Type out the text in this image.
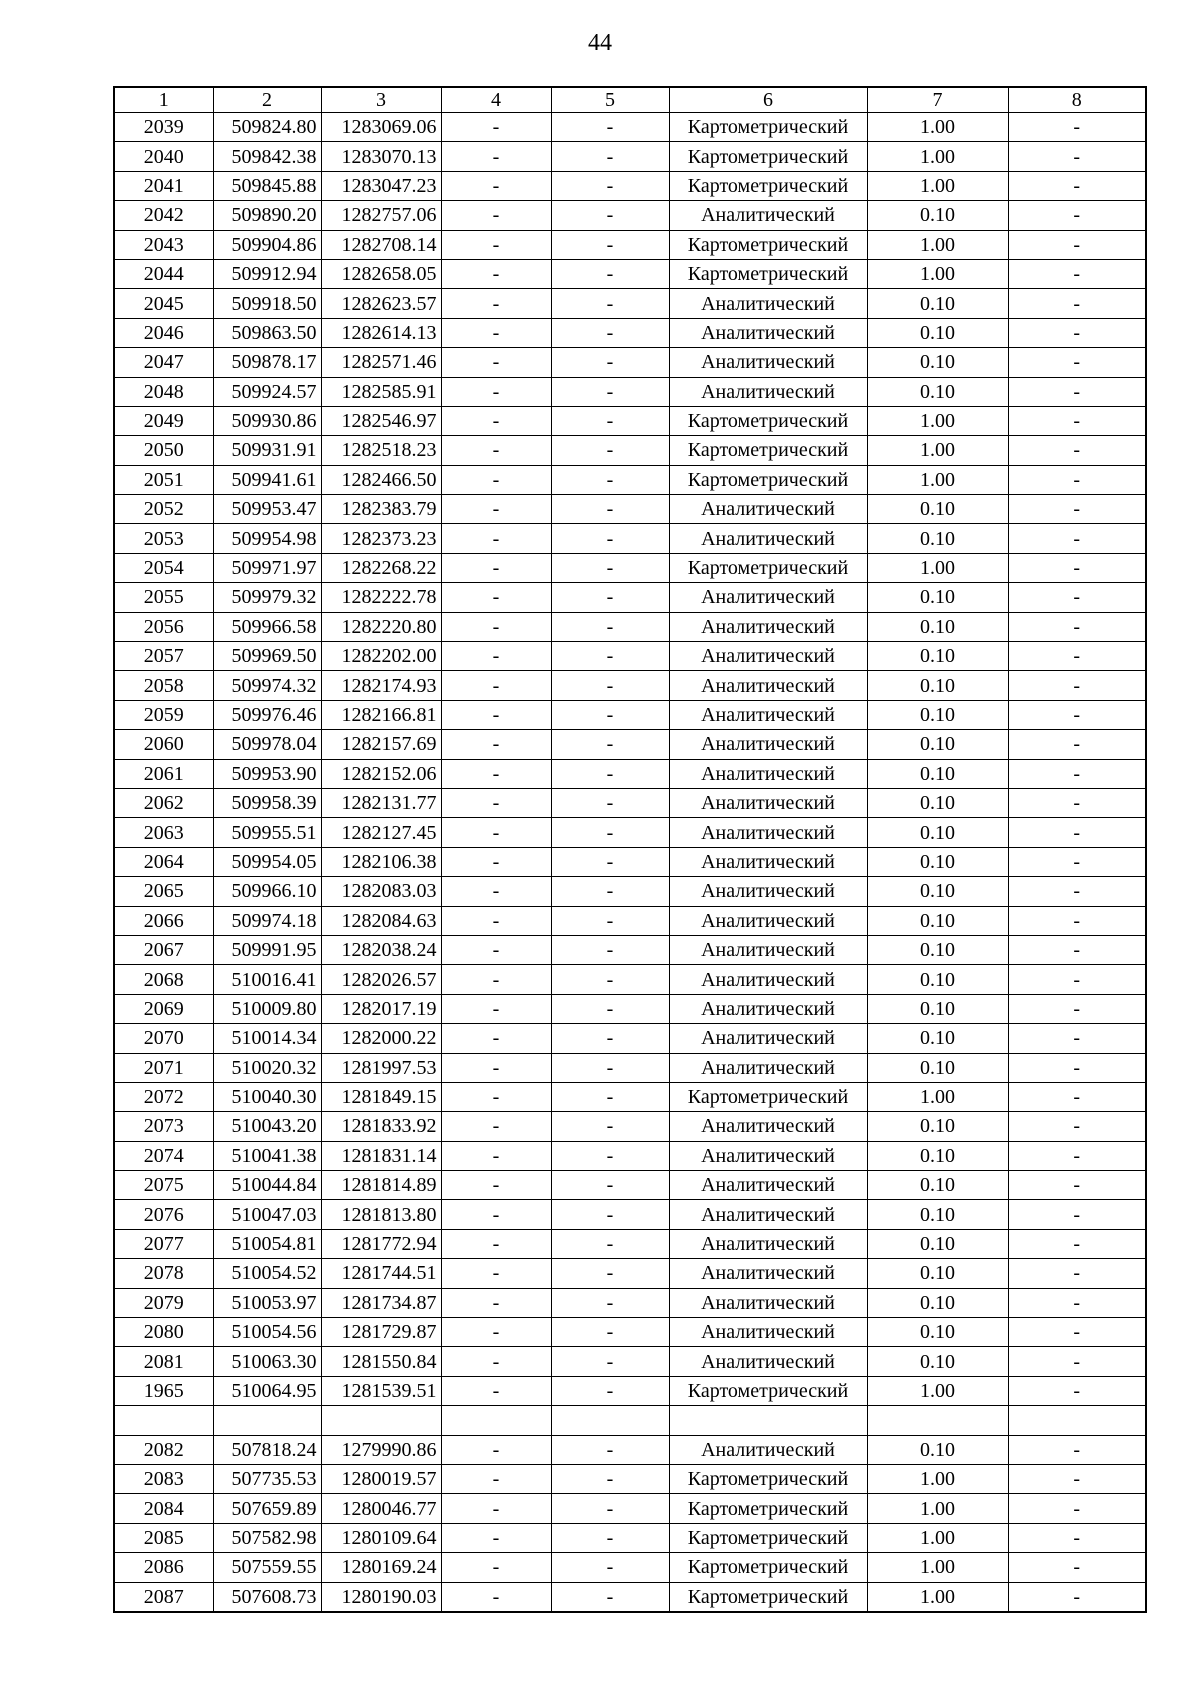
44
1	2	3	4	5	6	7	8
2039	509824.80	1283069.06	-	-	Картометрический	1.00	-
2040	509842.38	1283070.13	-	-	Картометрический	1.00	-
2041	509845.88	1283047.23	-	-	Картометрический	1.00	-
2042	509890.20	1282757.06	-	-	Аналитический	0.10	-
2043	509904.86	1282708.14	-	-	Картометрический	1.00	-
2044	509912.94	1282658.05	-	-	Картометрический	1.00	-
2045	509918.50	1282623.57	-	-	Аналитический	0.10	-
2046	509863.50	1282614.13	-	-	Аналитический	0.10	-
2047	509878.17	1282571.46	-	-	Аналитический	0.10	-
2048	509924.57	1282585.91	-	-	Аналитический	0.10	-
2049	509930.86	1282546.97	-	-	Картометрический	1.00	-
2050	509931.91	1282518.23	-	-	Картометрический	1.00	-
2051	509941.61	1282466.50	-	-	Картометрический	1.00	-
2052	509953.47	1282383.79	-	-	Аналитический	0.10	-
2053	509954.98	1282373.23	-	-	Аналитический	0.10	-
2054	509971.97	1282268.22	-	-	Картометрический	1.00	-
2055	509979.32	1282222.78	-	-	Аналитический	0.10	-
2056	509966.58	1282220.80	-	-	Аналитический	0.10	-
2057	509969.50	1282202.00	-	-	Аналитический	0.10	-
2058	509974.32	1282174.93	-	-	Аналитический	0.10	-
2059	509976.46	1282166.81	-	-	Аналитический	0.10	-
2060	509978.04	1282157.69	-	-	Аналитический	0.10	-
2061	509953.90	1282152.06	-	-	Аналитический	0.10	-
2062	509958.39	1282131.77	-	-	Аналитический	0.10	-
2063	509955.51	1282127.45	-	-	Аналитический	0.10	-
2064	509954.05	1282106.38	-	-	Аналитический	0.10	-
2065	509966.10	1282083.03	-	-	Аналитический	0.10	-
2066	509974.18	1282084.63	-	-	Аналитический	0.10	-
2067	509991.95	1282038.24	-	-	Аналитический	0.10	-
2068	510016.41	1282026.57	-	-	Аналитический	0.10	-
2069	510009.80	1282017.19	-	-	Аналитический	0.10	-
2070	510014.34	1282000.22	-	-	Аналитический	0.10	-
2071	510020.32	1281997.53	-	-	Аналитический	0.10	-
2072	510040.30	1281849.15	-	-	Картометрический	1.00	-
2073	510043.20	1281833.92	-	-	Аналитический	0.10	-
2074	510041.38	1281831.14	-	-	Аналитический	0.10	-
2075	510044.84	1281814.89	-	-	Аналитический	0.10	-
2076	510047.03	1281813.80	-	-	Аналитический	0.10	-
2077	510054.81	1281772.94	-	-	Аналитический	0.10	-
2078	510054.52	1281744.51	-	-	Аналитический	0.10	-
2079	510053.97	1281734.87	-	-	Аналитический	0.10	-
2080	510054.56	1281729.87	-	-	Аналитический	0.10	-
2081	510063.30	1281550.84	-	-	Аналитический	0.10	-
1965	510064.95	1281539.51	-	-	Картометрический	1.00	-

2082	507818.24	1279990.86	-	-	Аналитический	0.10	-
2083	507735.53	1280019.57	-	-	Картометрический	1.00	-
2084	507659.89	1280046.77	-	-	Картометрический	1.00	-
2085	507582.98	1280109.64	-	-	Картометрический	1.00	-
2086	507559.55	1280169.24	-	-	Картометрический	1.00	-
2087	507608.73	1280190.03	-	-	Картометрический	1.00	-
